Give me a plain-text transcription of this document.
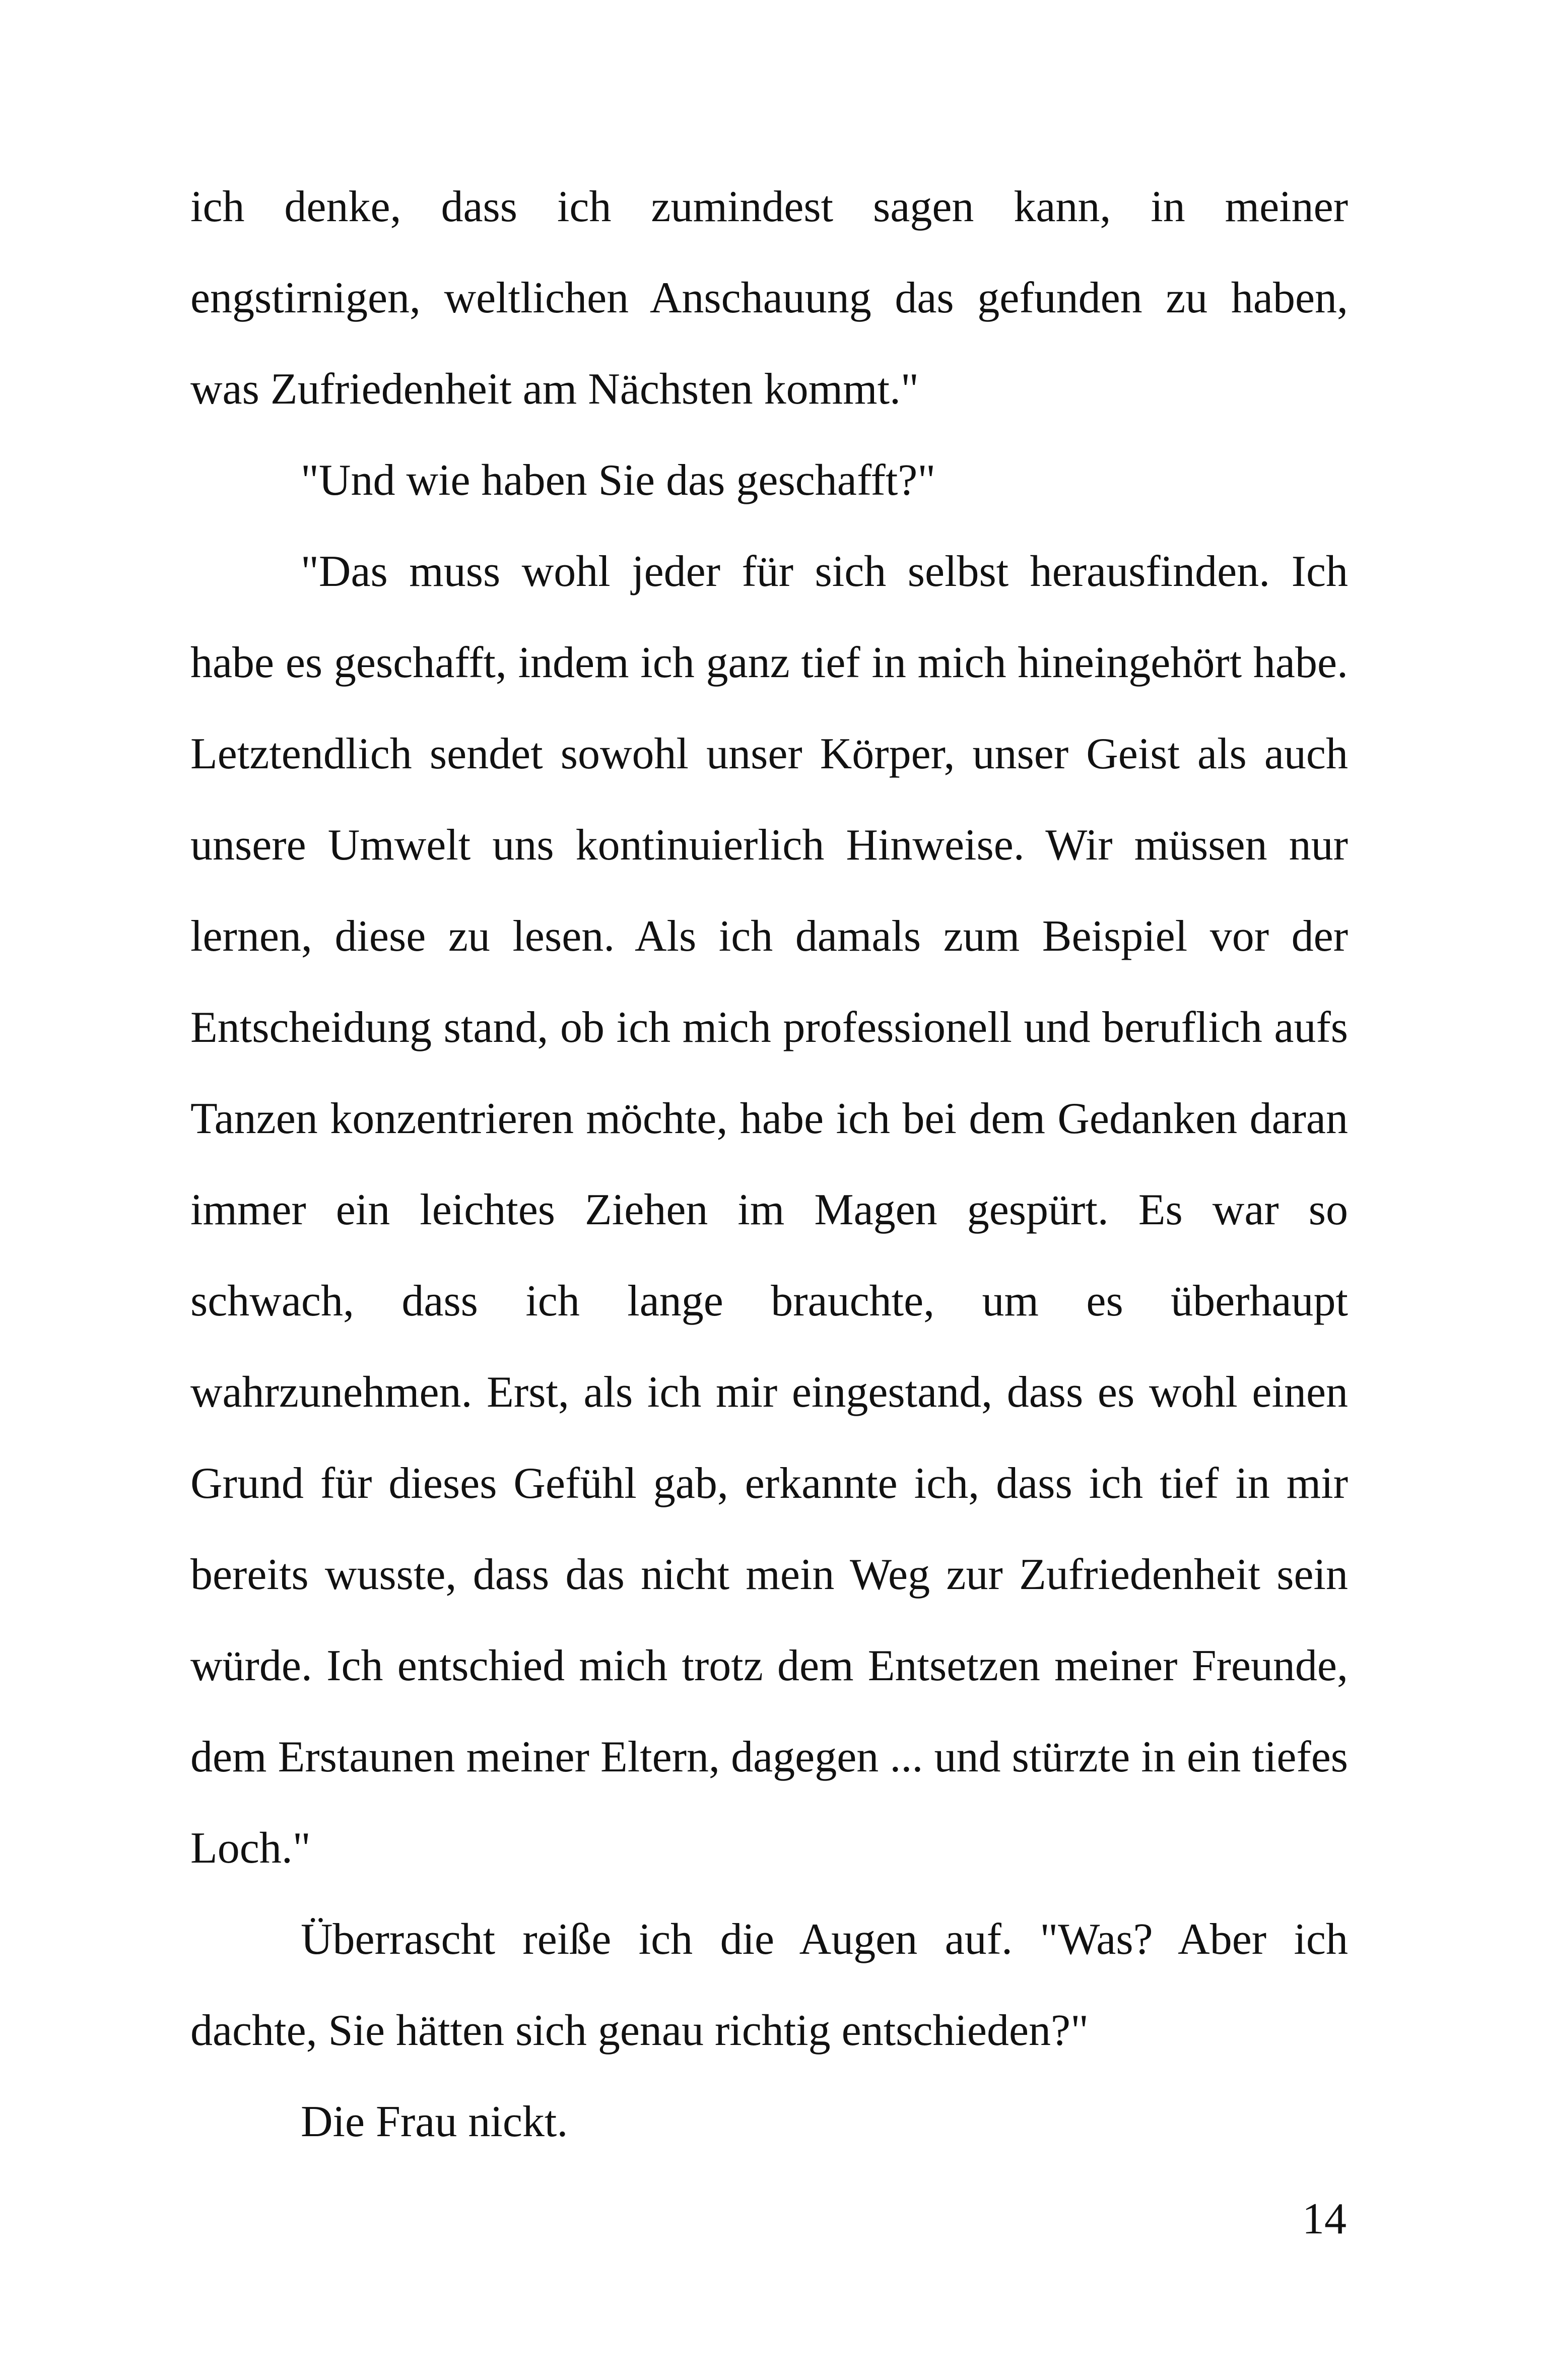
ich denke, dass ich zumindest sagen kann, in meiner engstirnigen, weltlichen Anschauung das gefunden zu haben, was Zufriedenheit am Nächsten kommt."

"Und wie haben Sie das geschafft?"

"Das muss wohl jeder für sich selbst herausfinden. Ich habe es geschafft, indem ich ganz tief in mich hineingehört habe. Letztendlich sendet sowohl unser Körper, unser Geist als auch unsere Umwelt uns kontinuierlich Hinweise. Wir müssen nur lernen, diese zu lesen. Als ich damals zum Beispiel vor der Entscheidung stand, ob ich mich professionell und beruflich aufs Tanzen konzentrieren möchte, habe ich bei dem Gedanken daran immer ein leichtes Ziehen im Magen gespürt. Es war so schwach, dass ich lange brauchte, um es überhaupt wahrzunehmen. Erst, als ich mir eingestand, dass es wohl einen Grund für dieses Gefühl gab, erkannte ich, dass ich tief in mir bereits wusste, dass das nicht mein Weg zur Zufriedenheit sein würde. Ich entschied mich trotz dem Entsetzen meiner Freunde, dem Erstaunen meiner Eltern, dagegen ... und stürzte in ein tiefes Loch."

Überrascht reiße ich die Augen auf. "Was? Aber ich dachte, Sie hätten sich genau richtig entschieden?"

Die Frau nickt.

14
